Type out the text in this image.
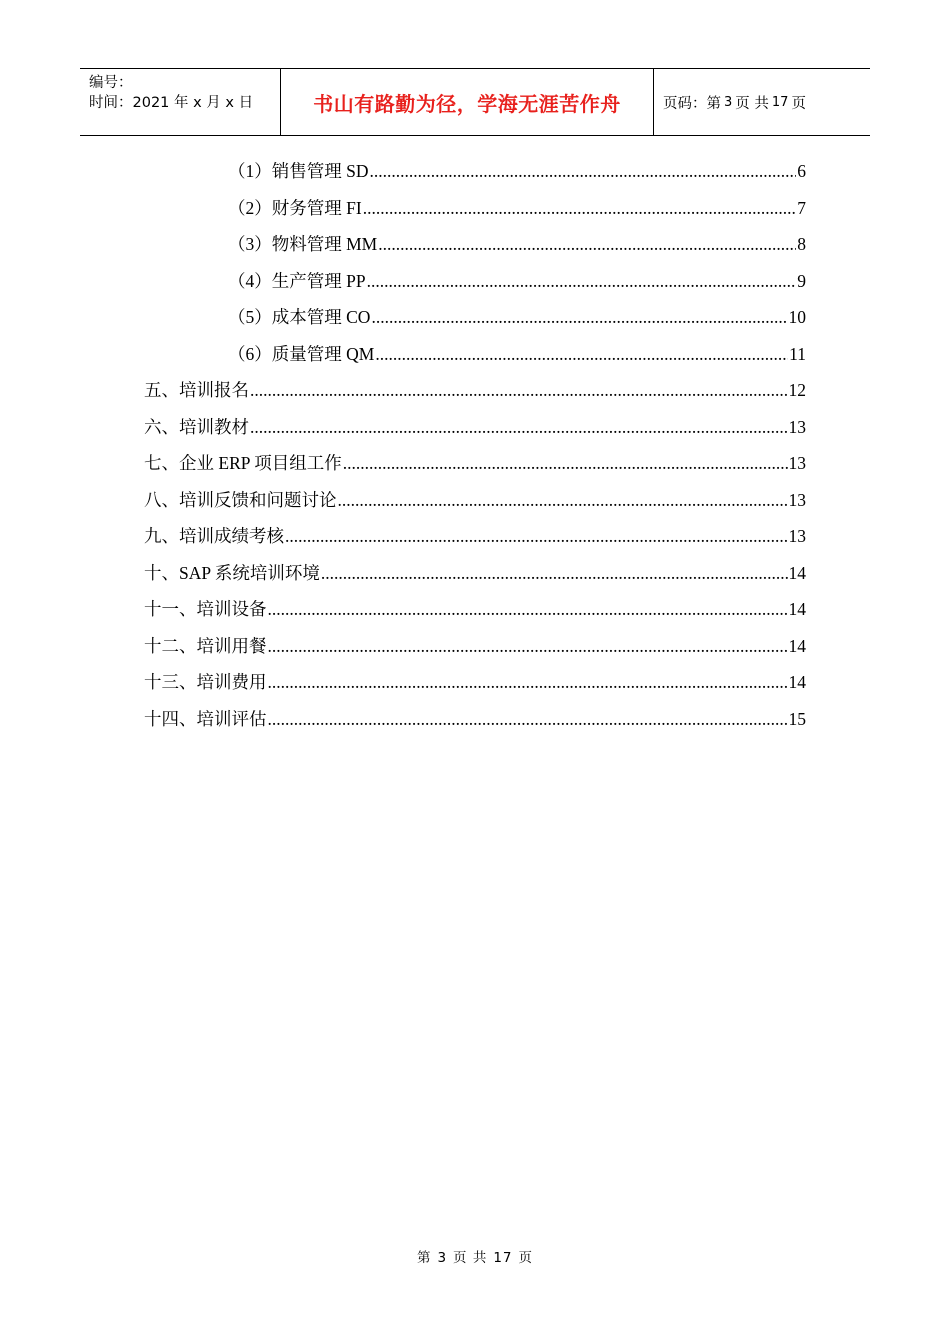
编号：
时间：2021 年 x 月 x 日	书山有路勤为径，学海无涯苦作舟	页码：第 3 页 共 17 页
（1）销售管理 SD .....	6
（2）财务管理 FI .....	7
（3）物料管理 MM .....	8
（4）生产管理 PP .....	9
（5）成本管理 CO .....	10
（6）质量管理 QM .....	11
五、培训报名 .....	12
六、培训教材 .....	13
七、企业 ERP 项目组工作 .....	13
八、培训反馈和问题讨论 .....	13
九、培训成绩考核 .....	13
十、SAP 系统培训环境 .....	14
十一、培训设备 .....	14
十二、培训用餐 .....	14
十三、培训费用 .....	14
十四、培训评估 .....	15
第 3 页 共 17 页
